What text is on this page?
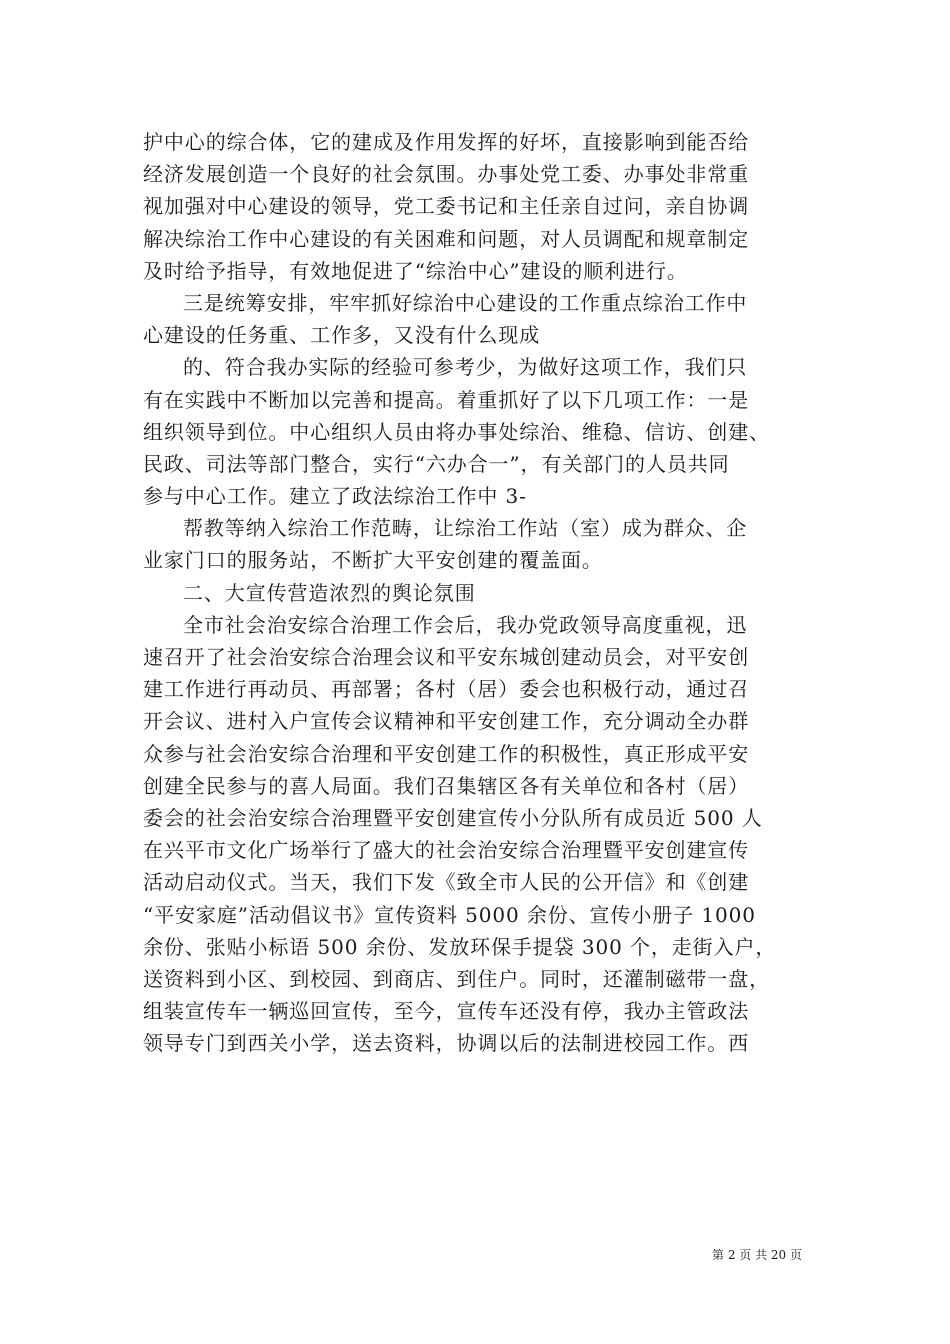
护中心的综合体，它的建成及作用发挥的好坏，直接影响到能否给
经济发展创造一个良好的社会氛围。办事处党工委、办事处非常重
视加强对中心建设的领导，党工委书记和主任亲自过问，亲自协调
解决综治工作中心建设的有关困难和问题，对人员调配和规章制定
及时给予指导，有效地促进了“综治中心”建设的顺利进行。
三是统筹安排，牢牢抓好综治中心建设的工作重点综治工作中
心建设的任务重、工作多，又没有什么现成
的、符合我办实际的经验可参考少，为做好这项工作，我们只
有在实践中不断加以完善和提高。着重抓好了以下几项工作：一是
组织领导到位。中心组织人员由将办事处综治、维稳、信访、创建、
民政、司法等部门整合，实行“六办合一”，有关部门的人员共同
参与中心工作。建立了政法综治工作中 3-
帮教等纳入综治工作范畴，让综治工作站（室）成为群众、企
业家门口的服务站，不断扩大平安创建的覆盖面。
二、大宣传营造浓烈的舆论氛围
全市社会治安综合治理工作会后，我办党政领导高度重视，迅
速召开了社会治安综合治理会议和平安东城创建动员会，对平安创
建工作进行再动员、再部署；各村（居）委会也积极行动，通过召
开会议、进村入户宣传会议精神和平安创建工作，充分调动全办群
众参与社会治安综合治理和平安创建工作的积极性，真正形成平安
创建全民参与的喜人局面。我们召集辖区各有关单位和各村（居）
委会的社会治安综合治理暨平安创建宣传小分队所有成员近 500 人
在兴平市文化广场举行了盛大的社会治安综合治理暨平安创建宣传
活动启动仪式。当天，我们下发《致全市人民的公开信》和《创建
“平安家庭”活动倡议书》宣传资料 5000 余份、宣传小册子 1000
余份、张贴小标语 500 余份、发放环保手提袋 300 个，走街入户，
送资料到小区、到校园、到商店、到住户。同时，还灌制磁带一盘，
组装宣传车一辆巡回宣传，至今，宣传车还没有停，我办主管政法
领导专门到西关小学，送去资料，协调以后的法制进校园工作。西
第 2 页 共 20 页
